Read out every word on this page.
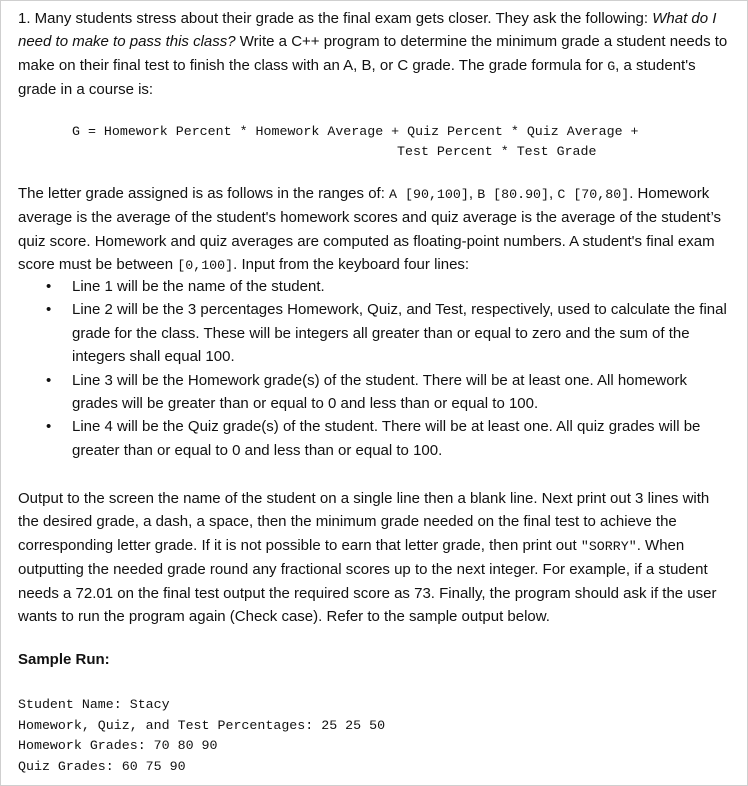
1. Many students stress about their grade as the final exam gets closer. They ask the following: What do I need to make to pass this class? Write a C++ program to determine the minimum grade a student needs to make on their final test to finish the class with an A, B, or C grade. The grade formula for G, a student's grade in a course is:

G = Homework Percent * Homework Average + Quiz Percent * Quiz Average +
Test Percent * Test Grade

The letter grade assigned is as follows in the ranges of: A [90,100], B [80.90], C [70,80]. Homework average is the average of the student's homework scores and quiz average is the average of the student’s quiz score. Homework and quiz averages are computed as floating-point numbers. A student's final exam score must be between [0,100]. Input from the keyboard four lines:

• Line 1 will be the name of the student.
• Line 2 will be the 3 percentages Homework, Quiz, and Test, respectively, used to calculate the final grade for the class. These will be integers all greater than or equal to zero and the sum of the integers shall equal 100.
• Line 3 will be the Homework grade(s) of the student. There will be at least one. All homework grades will be greater than or equal to 0 and less than or equal to 100.
• Line 4 will be the Quiz grade(s) of the student. There will be at least one. All quiz grades will be greater than or equal to 0 and less than or equal to 100.

Output to the screen the name of the student on a single line then a blank line. Next print out 3 lines with the desired grade, a dash, a space, then the minimum grade needed on the final test to achieve the corresponding letter grade. If it is not possible to earn that letter grade, then print out "SORRY". When outputting the needed grade round any fractional scores up to the next integer. For example, if a student needs a 72.01 on the final test output the required score as 73. Finally, the program should ask if the user wants to run the program again (Check case). Refer to the sample output below.

Sample Run:
Student Name: Stacy
Homework, Quiz, and Test Percentages: 25 25 50
Homework Grades: 70 80 90
Quiz Grades: 60 75 90
